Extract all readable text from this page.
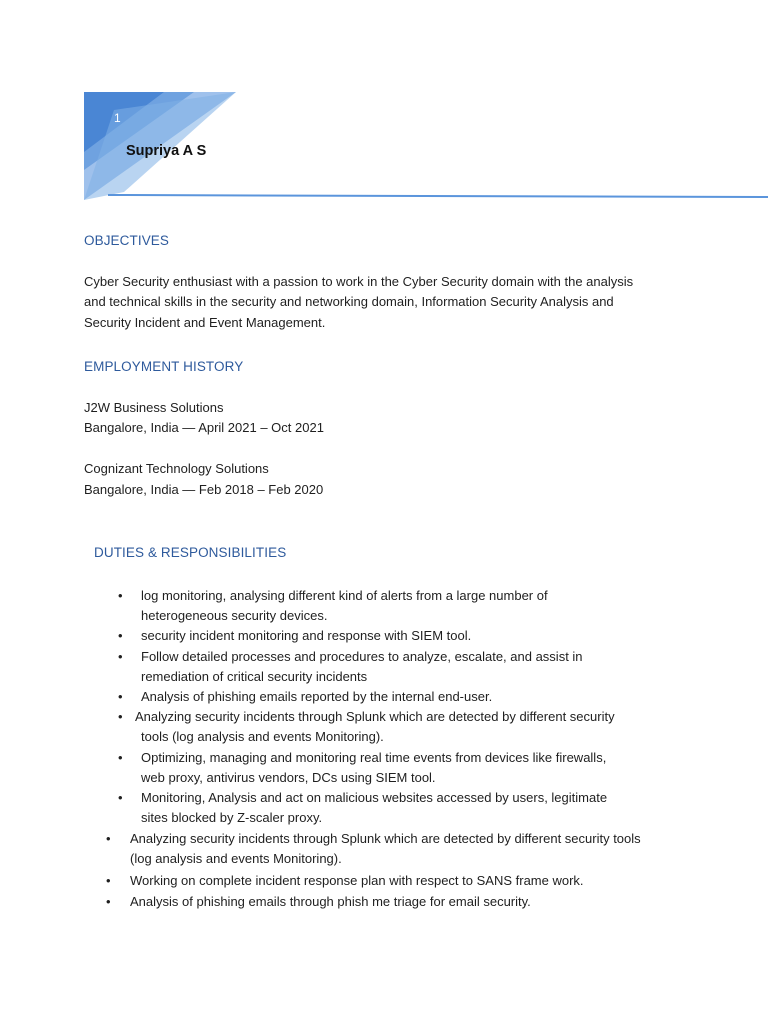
1
Supriya A S
OBJECTIVES
Cyber Security enthusiast with a passion to work in the Cyber Security domain with the analysis
and technical skills in the security and networking domain, Information Security Analysis and
Security Incident and Event Management.
EMPLOYMENT HISTORY
J2W Business Solutions
Bangalore, India — April 2021 – Oct 2021
Cognizant Technology Solutions
Bangalore, India — Feb 2018 – Feb 2020
DUTIES & RESPONSIBILITIES
• log monitoring, analysing different kind of alerts from a large number of
heterogeneous security devices.
• security incident monitoring and response with SIEM tool.
• Follow detailed processes and procedures to analyze, escalate, and assist in
remediation of critical security incidents
• Analysis of phishing emails reported by the internal end-user.
• Analyzing security incidents through Splunk which are detected by different security
tools (log analysis and events Monitoring).
• Optimizing, managing and monitoring real time events from devices like firewalls,
web proxy, antivirus vendors, DCs using SIEM tool.
• Monitoring, Analysis and act on malicious websites accessed by users, legitimate
sites blocked by Z-scaler proxy.
• Analyzing security incidents through Splunk which are detected by different security tools
(log analysis and events Monitoring).
• Working on complete incident response plan with respect to SANS frame work.
• Analysis of phishing emails through phish me triage for email security.
